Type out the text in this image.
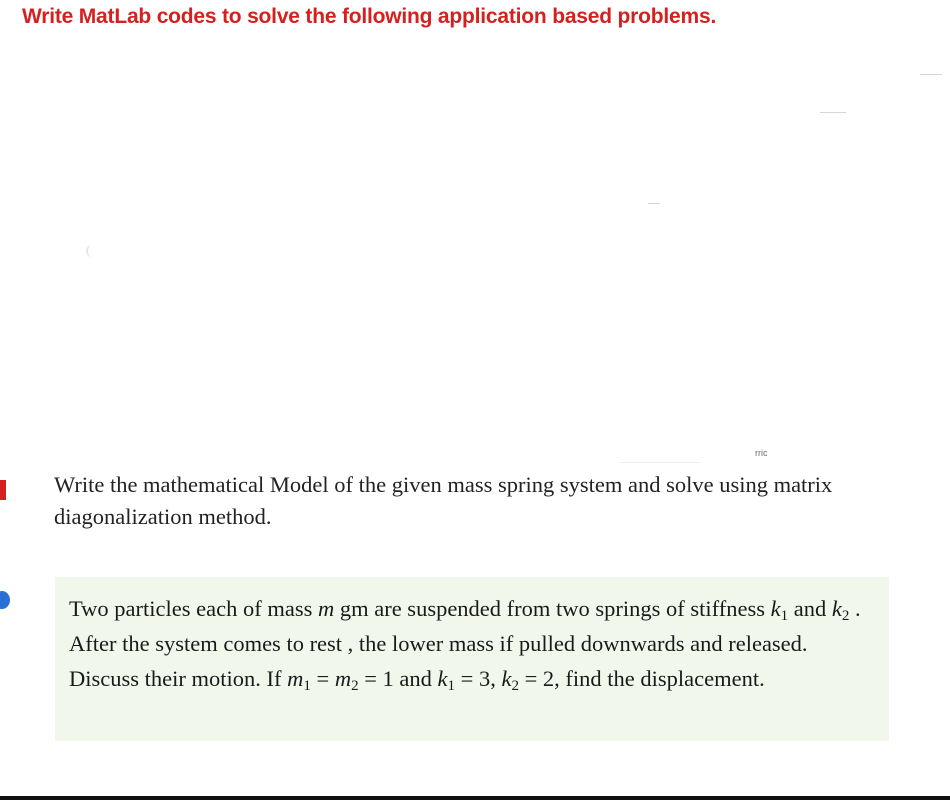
Write MatLab codes to solve the following application based problems.
rric
Write the mathematical Model of the given mass spring system and solve using matrix diagonalization method.
Two particles each of mass m gm are suspended from two springs of stiffness $k_1$ and $k_2$ . After the system comes to rest , the lower mass if pulled downwards and released. Discuss their motion. If $m_1 = m_2 = 1$ and $k_1 = 3$, $k_2 = 2$, find the displacement.
